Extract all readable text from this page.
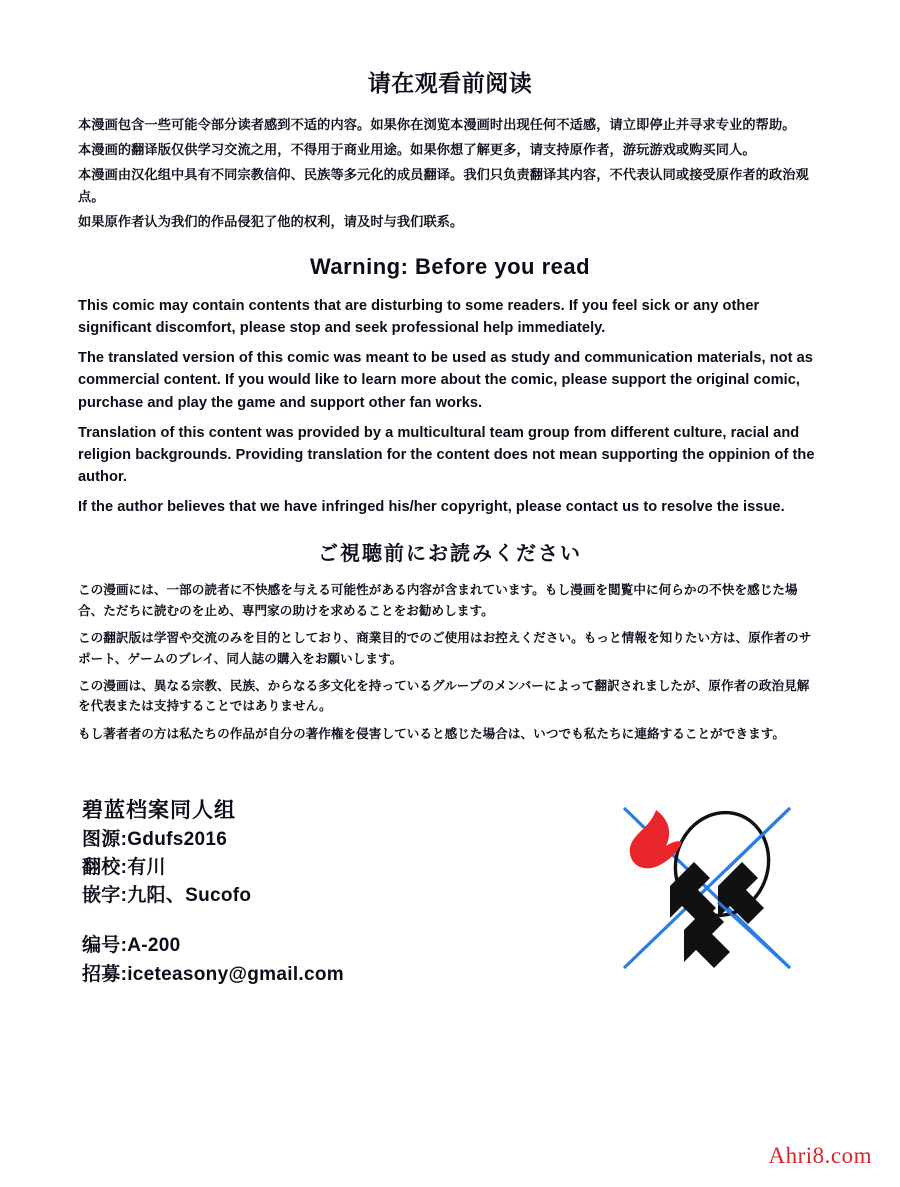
请在观看前阅读

本漫画包含一些可能令部分读者感到不适的内容。如果你在浏览本漫画时出现任何不适感，请立即停止并寻求专业的帮助。

本漫画的翻译版仅供学习交流之用，不得用于商业用途。如果你想了解更多，请支持原作者，游玩游戏或购买同人。

本漫画由汉化组中具有不同宗教信仰、民族等多元化的成员翻译。我们只负责翻译其内容，不代表认同或接受原作者的政治观点。

如果原作者认为我们的作品侵犯了他的权利，请及时与我们联系。

Warning: Before you read

This comic may contain contents that are disturbing to some readers. If you feel sick or any other significant discomfort, please stop and seek professional help immediately.

The translated version of this comic was meant to be used as study and communication materials, not as commercial content. If you would like to learn more about the comic, please support the original comic, purchase and play the game and support other fan works.

Translation of this content was provided by a multicultural team group from different culture, racial and religion backgrounds. Providing translation for the content does not mean supporting the oppinion of the author.

If the author believes that we have infringed his/her copyright, please contact us to resolve the issue.

ご視聴前にお読みください

この漫画には、一部の読者に不快感を与える可能性がある内容が含まれています。もし漫画を閲覧中に何らかの不快を感じた場合、ただちに読むのを止め、専門家の助けを求めることをお勧めします。

この翻訳版は学習や交流のみを目的としており、商業目的でのご使用はお控えください。もっと情報を知りたい方は、原作者のサポート、ゲームのプレイ、同人誌の購入をお願いします。

この漫画は、異なる宗教、民族、からなる多文化を持っているグループのメンバーによって翻訳されましたが、原作者の政治見解を代表または支持することではありません。

もし著者者の方は私たちの作品が自分の著作権を侵害していると感じた場合は、いつでも私たちに連絡することができます。

碧蓝档案同人组

图源:Gdufs2016

翻校:有川

嵌字:九阳、Sucofo

编号:A-200

招募:iceteasony@gmail.com

Ahri8.com
